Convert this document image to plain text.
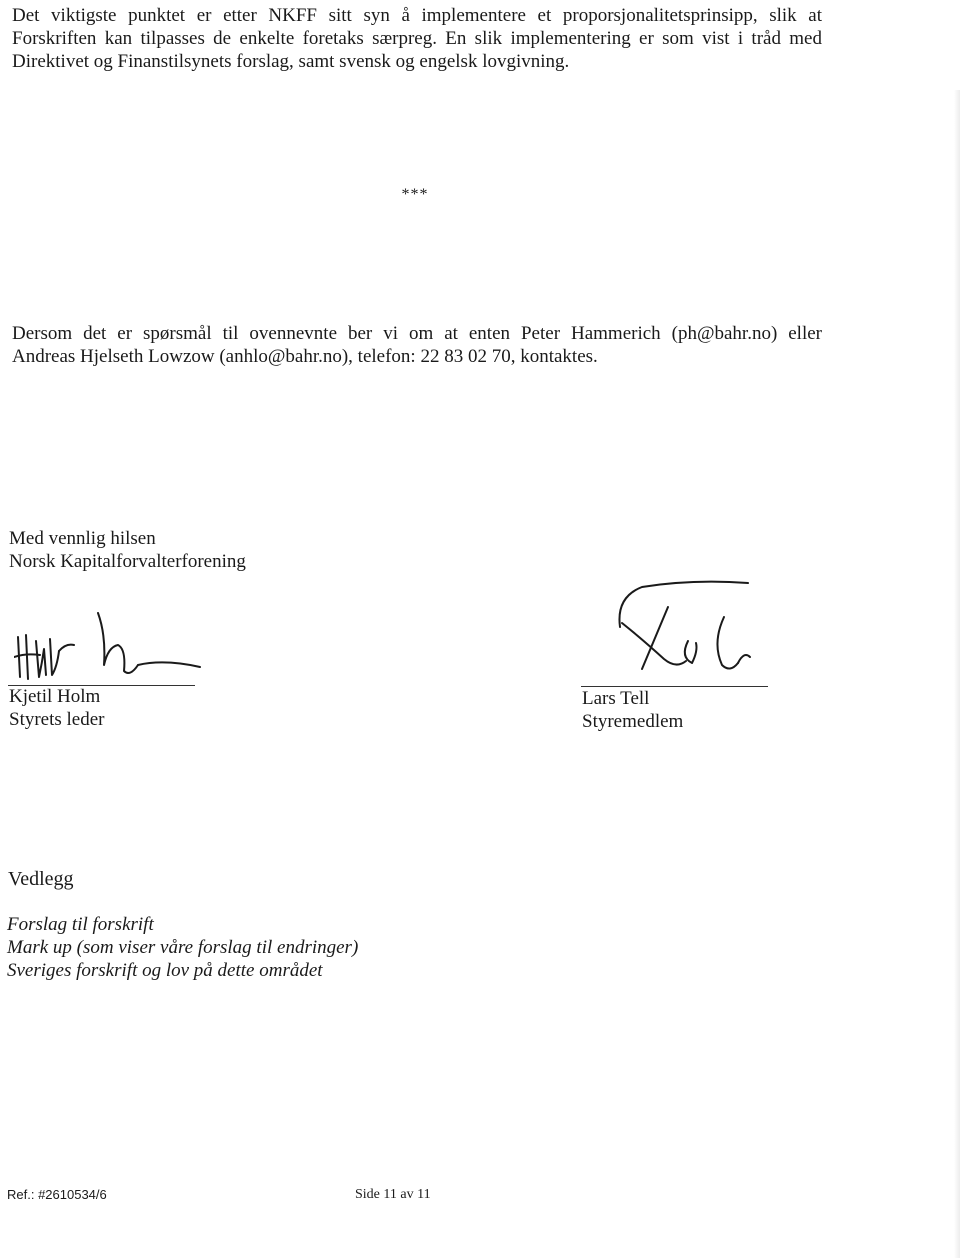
Det viktigste punktet er etter NKFF sitt syn å implementere et proporsjonalitetsprinsipp, slik at
Forskriften kan tilpasses de enkelte foretaks særpreg. En slik implementering er som vist i tråd med
Direktivet og Finanstilsynets forslag, samt svensk og engelsk lovgivning.

***

Dersom det er spørsmål til ovennevnte ber vi om at enten Peter Hammerich (ph@bahr.no) eller
Andreas Hjelseth Lowzow (anhlo@bahr.no), telefon: 22 83 02 70, kontaktes.

Med vennlig hilsen
Norsk Kapitalforvalterforening
Kjetil Holm
Styrets leder
Lars Tell
Styremedlem
Vedlegg
Forslag til forskrift
Mark up (som viser våre forslag til endringer)
Sveriges forskrift og lov på dette området
Ref.: #2610534/6	Side 11 av 11
